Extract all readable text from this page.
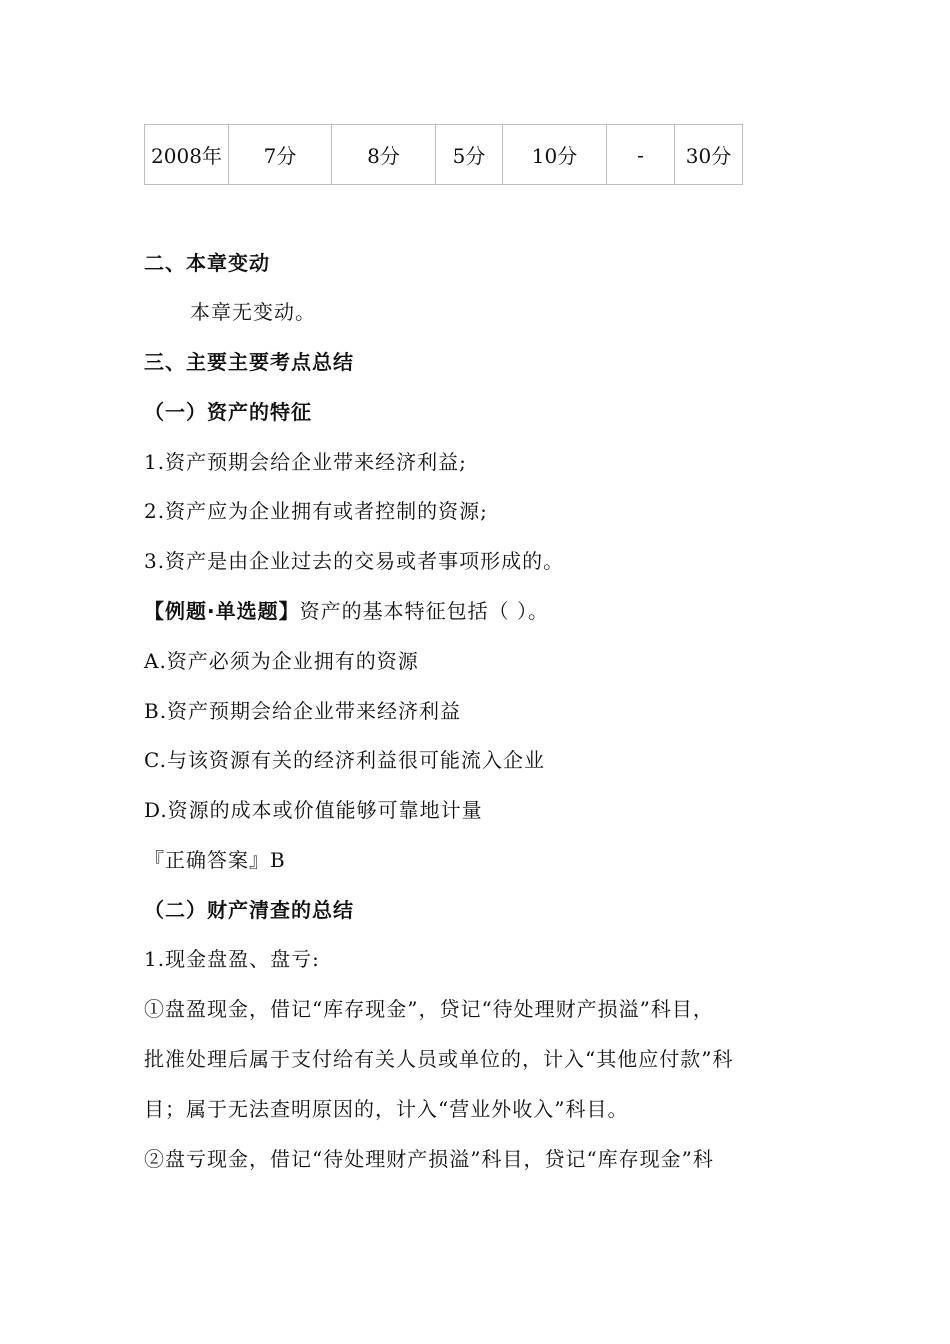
2008年	7分	8分	5分	10分	-	30分
二、本章变动
本章无变动。
三、主要主要考点总结
（一）资产的特征
1.资产预期会给企业带来经济利益;
2.资产应为企业拥有或者控制的资源;
3.资产是由企业过去的交易或者事项形成的。
【例题·单选题】资产的基本特征包括（ ）。
A.资产必须为企业拥有的资源
B.资产预期会给企业带来经济利益
C.与该资源有关的经济利益很可能流入企业
D.资源的成本或价值能够可靠地计量
『正确答案』B
（二）财产清查的总结
1.现金盘盈、盘亏:
①盘盈现金，借记“库存现金”，贷记“待处理财产损溢”科目，
批准处理后属于支付给有关人员或单位的，计入“其他应付款”科
目；属于无法查明原因的，计入“营业外收入”科目。
②盘亏现金，借记“待处理财产损溢”科目，贷记“库存现金”科
